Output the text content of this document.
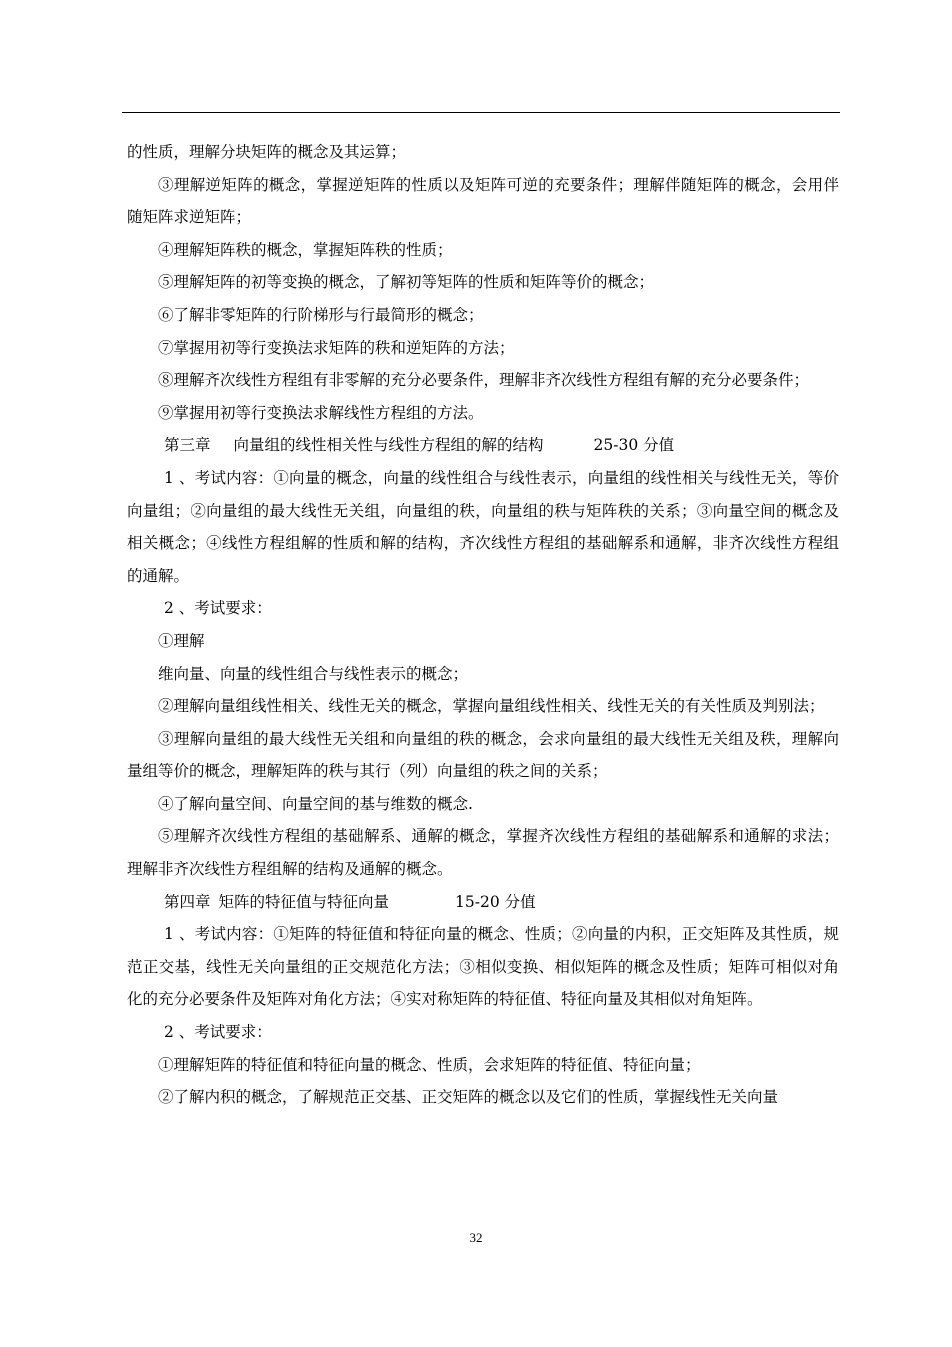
的性质，理解分块矩阵的概念及其运算；

③理解逆矩阵的概念，掌握逆矩阵的性质以及矩阵可逆的充要条件；理解伴随矩阵的概念，会用伴随矩阵求逆矩阵；

④理解矩阵秩的概念，掌握矩阵秩的性质；

⑤理解矩阵的初等变换的概念，了解初等矩阵的性质和矩阵等价的概念；

⑥了解非零矩阵的行阶梯形与行最简形的概念；

⑦掌握用初等行变换法求矩阵的秩和逆矩阵的方法；

⑧理解齐次线性方程组有非零解的充分必要条件，理解非齐次线性方程组有解的充分必要条件；

⑨掌握用初等行变换法求解线性方程组的方法。

第三章 向量组的线性相关性与线性方程组的解的结构	25-30 分值

1 、考试内容：①向量的概念，向量的线性组合与线性表示，向量组的线性相关与线性无关，等价向量组；②向量组的最大线性无关组，向量组的秩，向量组的秩与矩阵秩的关系；③向量空间的概念及相关概念；④线性方程组解的性质和解的结构，齐次线性方程组的基础解系和通解，非齐次线性方程组的通解。

2 、考试要求：

①理解

维向量、向量的线性组合与线性表示的概念；

②理解向量组线性相关、线性无关的概念，掌握向量组线性相关、线性无关的有关性质及判别法；

③理解向量组的最大线性无关组和向量组的秩的概念，会求向量组的最大线性无关组及秩，理解向量组等价的概念，理解矩阵的秩与其行（列）向量组的秩之间的关系；

④了解向量空间、向量空间的基与维数的概念.

⑤理解齐次线性方程组的基础解系、通解的概念，掌握齐次线性方程组的基础解系和通解的求法；理解非齐次线性方程组解的结构及通解的概念。

第四章 矩阵的特征值与特征向量	15-20 分值

1 、考试内容：①矩阵的特征值和特征向量的概念、性质；②向量的内积，正交矩阵及其性质，规范正交基，线性无关向量组的正交规范化方法；③相似变换、相似矩阵的概念及性质；矩阵可相似对角化的充分必要条件及矩阵对角化方法；④实对称矩阵的特征值、特征向量及其相似对角矩阵。

2 、考试要求：

①理解矩阵的特征值和特征向量的概念、性质，会求矩阵的特征值、特征向量；

②了解内积的概念，了解规范正交基、正交矩阵的概念以及它们的性质，掌握线性无关向量

32
